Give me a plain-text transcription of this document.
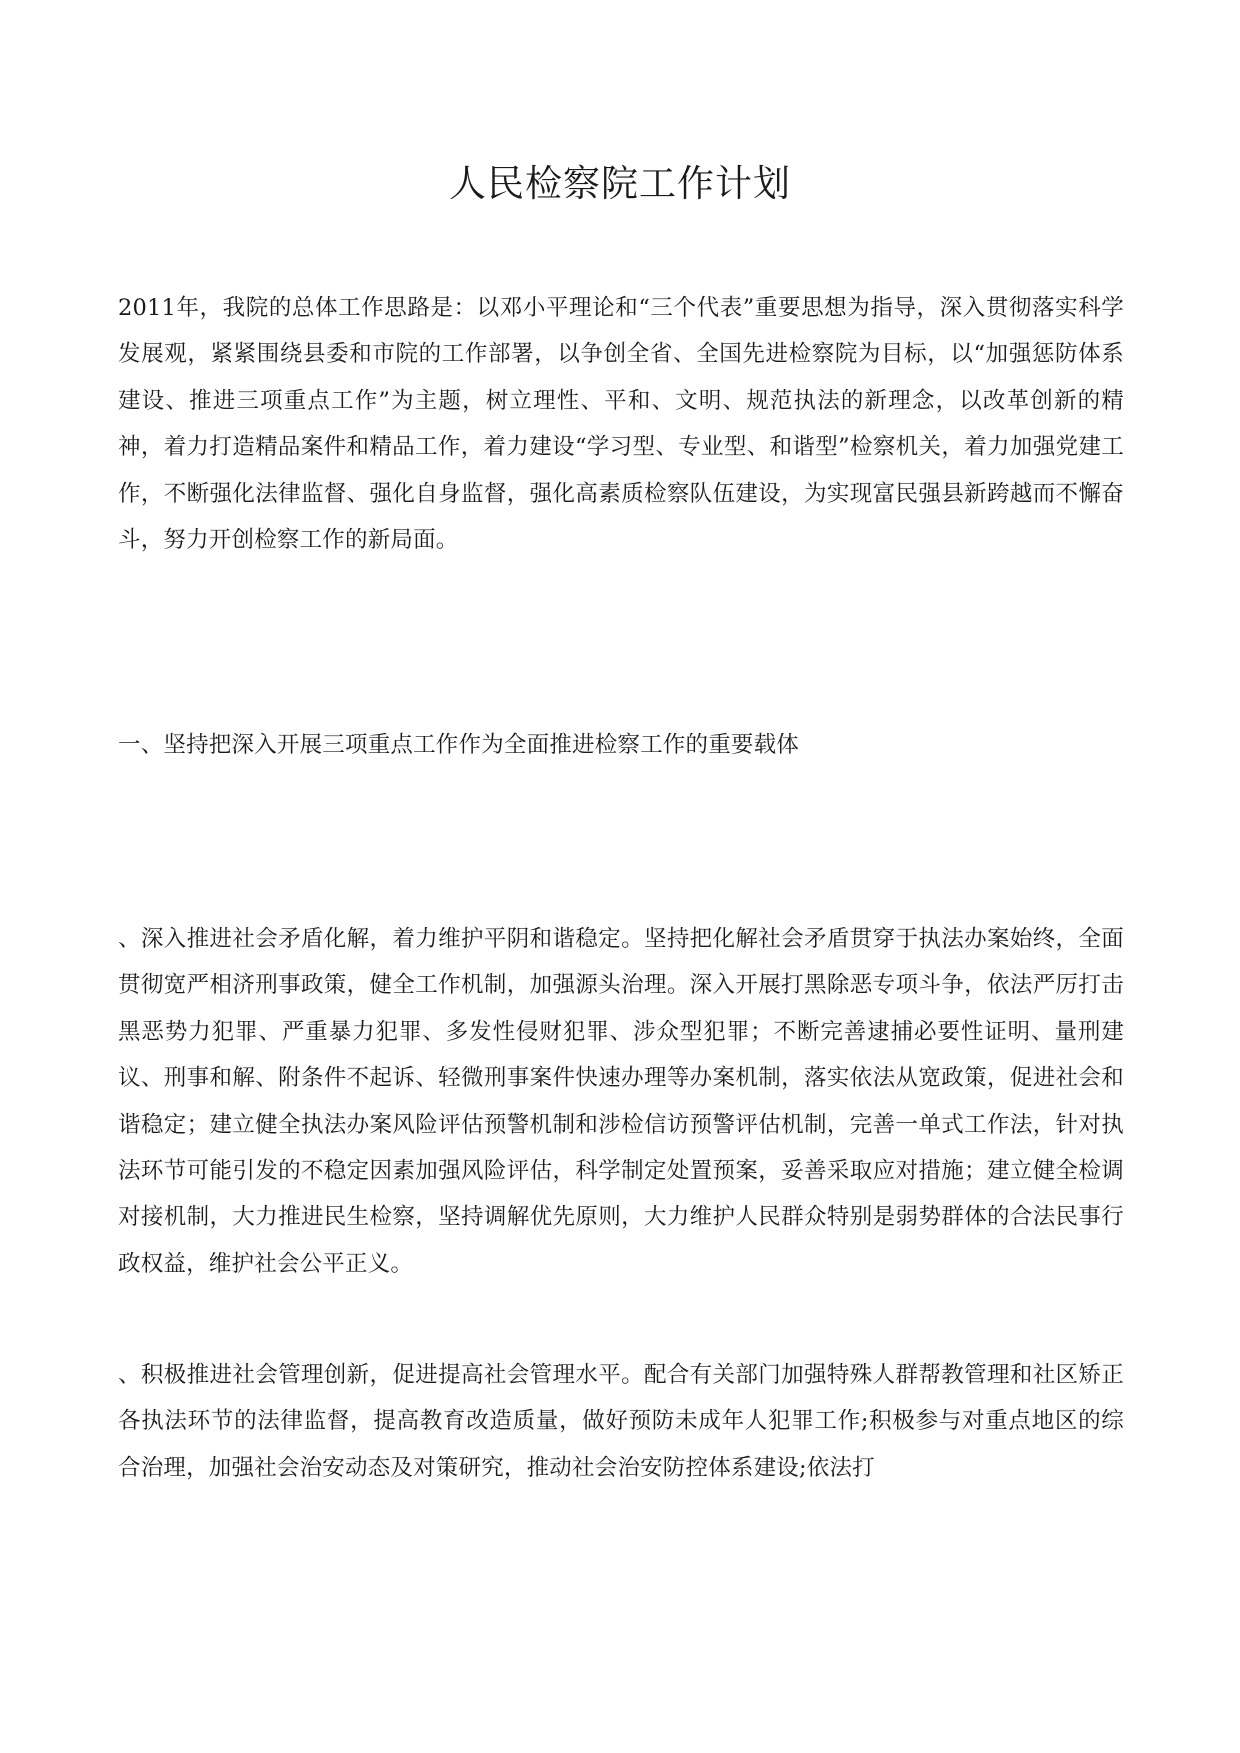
人民检察院工作计划

2011年，我院的总体工作思路是：以邓小平理论和“三个代表”重要思想为指导，深入贯彻落实科学发展观，紧紧围绕县委和市院的工作部署，以争创全省、全国先进检察院为目标，以“加强惩防体系建设、推进三项重点工作”为主题，树立理性、平和、文明、规范执法的新理念，以改革创新的精神，着力打造精品案件和精品工作，着力建设“学习型、专业型、和谐型”检察机关，着力加强党建工作，不断强化法律监督、强化自身监督，强化高素质检察队伍建设，为实现富民强县新跨越而不懈奋斗，努力开创检察工作的新局面。

一、坚持把深入开展三项重点工作作为全面推进检察工作的重要载体

、深入推进社会矛盾化解，着力维护平阴和谐稳定。坚持把化解社会矛盾贯穿于执法办案始终，全面贯彻宽严相济刑事政策，健全工作机制，加强源头治理。深入开展打黑除恶专项斗争，依法严厉打击黑恶势力犯罪、严重暴力犯罪、多发性侵财犯罪、涉众型犯罪；不断完善逮捕必要性证明、量刑建议、刑事和解、附条件不起诉、轻微刑事案件快速办理等办案机制，落实依法从宽政策，促进社会和谐稳定；建立健全执法办案风险评估预警机制和涉检信访预警评估机制，完善一单式工作法，针对执法环节可能引发的不稳定因素加强风险评估，科学制定处置预案，妥善采取应对措施；建立健全检调对接机制，大力推进民生检察，坚持调解优先原则，大力维护人民群众特别是弱势群体的合法民事行政权益，维护社会公平正义。

、积极推进社会管理创新，促进提高社会管理水平。配合有关部门加强特殊人群帮教管理和社区矫正各执法环节的法律监督，提高教育改造质量，做好预防未成年人犯罪工作;积极参与对重点地区的综合治理，加强社会治安动态及对策研究，推动社会治安防控体系建设;依法打
